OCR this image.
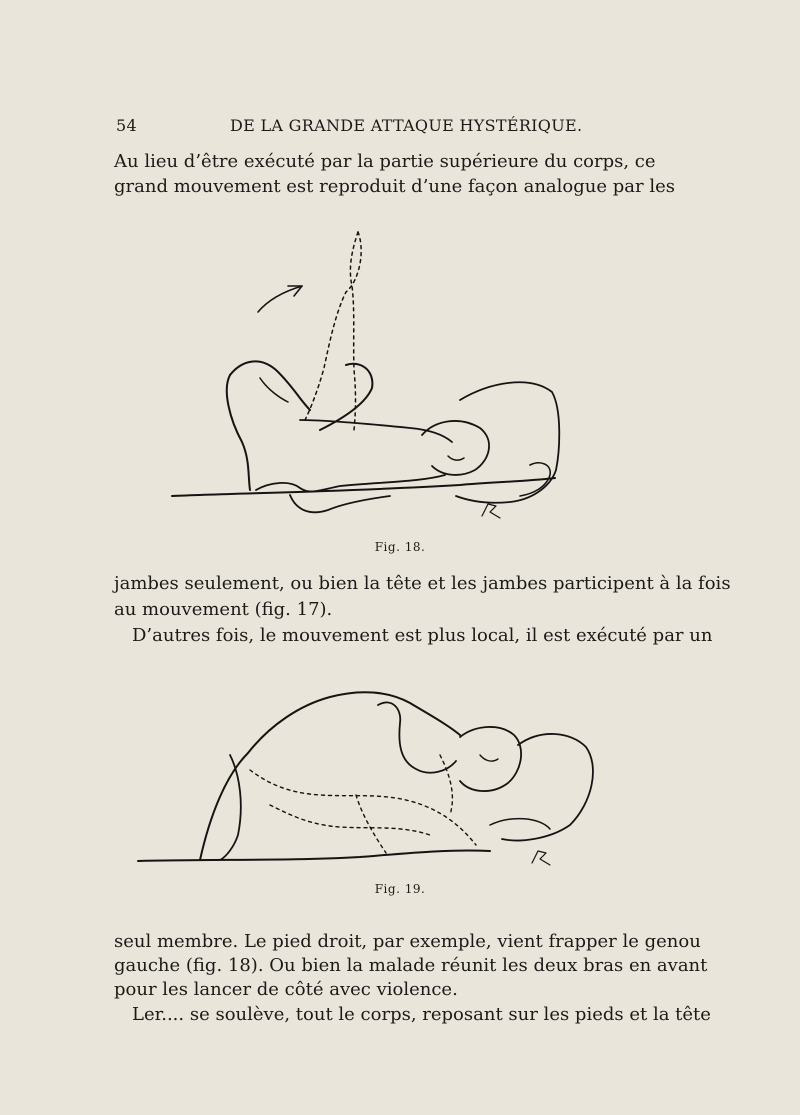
54	DE LA GRANDE ATTAQUE HYSTÉRIQUE.
Au lieu d’être exécuté par la partie supérieure du corps, ce
grand mouvement est reproduit d’une façon analogue par les
Fig. 18.
jambes seulement, ou bien la tête et les jambes participent à la fois
au mouvement (fig. 17).
D’autres fois, le mouvement est plus local, il est exécuté par un
Fig. 19.
seul membre. Le pied droit, par exemple, vient frapper le genou
gauche (fig. 18). Ou bien la malade réunit les deux bras en avant
pour les lancer de côté avec violence.
Ler.... se soulève, tout le corps, reposant sur les pieds et la tête
